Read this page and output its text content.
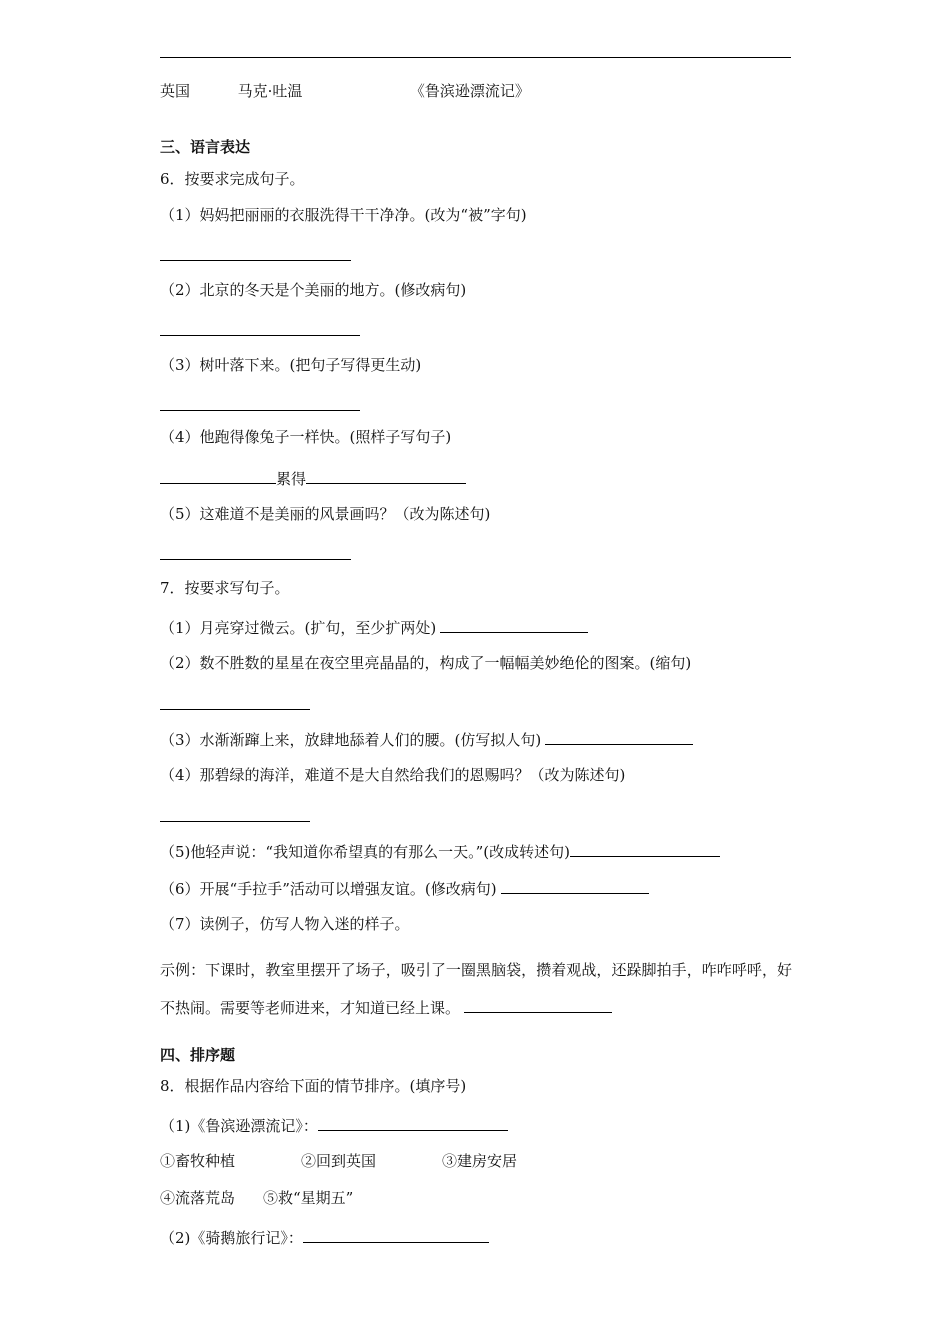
英国	马克·吐温	《鲁滨逊漂流记》
三、语言表达
6．按要求完成句子。
（1）妈妈把丽丽的衣服洗得干干净净。(改为“被”字句)
（2）北京的冬天是个美丽的地方。(修改病句)
（3）树叶落下来。(把句子写得更生动)
（4）他跑得像兔子一样快。(照样子写句子)
累得
（5）这难道不是美丽的风景画吗？（改为陈述句)
7．按要求写句子。
（1）月亮穿过微云。(扩句，至少扩两处)
（2）数不胜数的星星在夜空里亮晶晶的，构成了一幅幅美妙绝伦的图案。(缩句)
（3）水渐渐蹿上来，放肆地舔着人们的腰。(仿写拟人句)
（4）那碧绿的海洋，难道不是大自然给我们的恩赐吗？（改为陈述句)
（5)他轻声说：“我知道你希望真的有那么一天。”(改成转述句)
（6）开展“手拉手”活动可以增强友谊。(修改病句)
（7）读例子，仿写人物入迷的样子。
示例：下课时，教室里摆开了场子，吸引了一圈黑脑袋，攒着观战，还跺脚拍手，咋咋呼呼，好不热闹。需要等老师进来，才知道已经上课。
四、排序题
8．根据作品内容给下面的情节排序。(填序号)
（1)《鲁滨逊漂流记》：
①畜牧种植	②回到英国	③建房安居
④流落荒岛 ⑤救“星期五”
（2)《骑鹅旅行记》：
